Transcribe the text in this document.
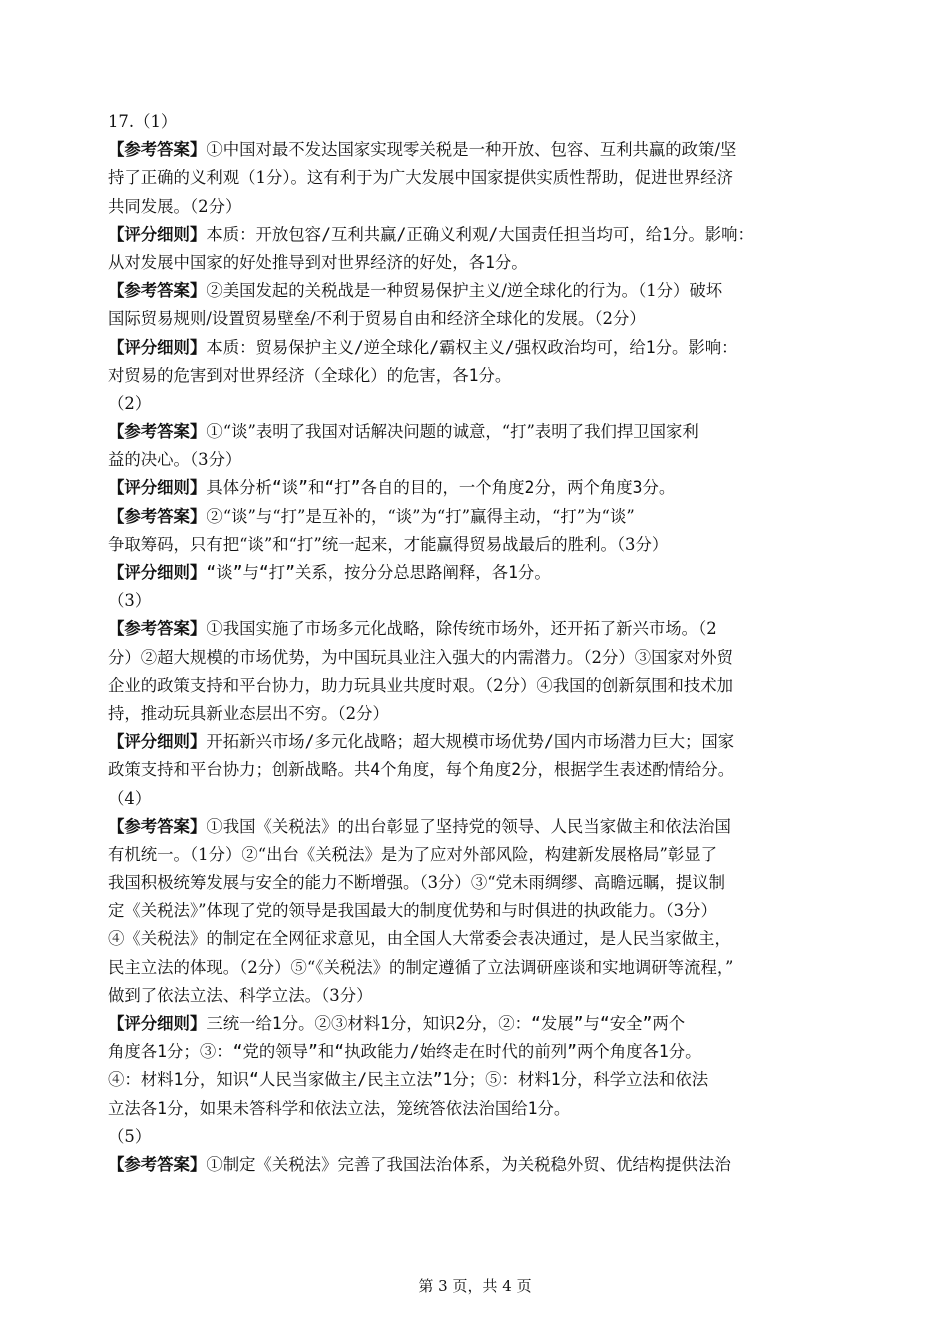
17.（1）
【参考答案】①中国对最不发达国家实现零关税是一种开放、包容、互利共赢的政策/坚
持了正确的义利观（1分）。这有利于为广大发展中国家提供实质性帮助，促进世界经济
共同发展。（2分）
【评分细则】本质：开放包容/互利共赢/正确义利观/大国责任担当均可，给1分。影响：
从对发展中国家的好处推导到对世界经济的好处，各1分。
【参考答案】②美国发起的关税战是一种贸易保护主义/逆全球化的行为。（1分）破坏
国际贸易规则/设置贸易壁垒/不利于贸易自由和经济全球化的发展。（2分）
【评分细则】本质：贸易保护主义/逆全球化/霸权主义/强权政治均可，给1分。影响：
对贸易的危害到对世界经济（全球化）的危害，各1分。
（2）
【参考答案】①“谈”表明了我国对话解决问题的诚意，“打”表明了我们捍卫国家利
益的决心。（3分）
【评分细则】具体分析“谈”和“打”各自的目的，一个角度2分，两个角度3分。
【参考答案】②“谈”与“打”是互补的，“谈”为“打”赢得主动，“打”为“谈”
争取筹码，只有把“谈”和“打”统一起来，才能赢得贸易战最后的胜利。（3分）
【评分细则】“谈”与“打”关系，按分分总思路阐释，各1分。
（3）
【参考答案】①我国实施了市场多元化战略，除传统市场外，还开拓了新兴市场。（2
分）②超大规模的市场优势，为中国玩具业注入强大的内需潜力。（2分）③国家对外贸
企业的政策支持和平台协力，助力玩具业共度时艰。（2分）④我国的创新氛围和技术加
持，推动玩具新业态层出不穷。（2分）
【评分细则】开拓新兴市场/多元化战略；超大规模市场优势/国内市场潜力巨大；国家
政策支持和平台协力；创新战略。共4个角度，每个角度2分，根据学生表述酌情给分。
（4）
【参考答案】①我国《关税法》的出台彰显了坚持党的领导、人民当家做主和依法治国
有机统一。（1分）②“出台《关税法》是为了应对外部风险，构建新发展格局”彰显了
我国积极统筹发展与安全的能力不断增强。（3分）③“党未雨绸缪、高瞻远瞩，提议制
定《关税法》”体现了党的领导是我国最大的制度优势和与时俱进的执政能力。（3分）
④《关税法》的制定在全网征求意见，由全国人大常委会表决通过，是人民当家做主，
民主立法的体现。（2分）⑤“《关税法》的制定遵循了立法调研座谈和实地调研等流程，”
做到了依法立法、科学立法。（3分）
【评分细则】三统一给1分。②③材料1分，知识2分，②：“发展”与“安全”两个
角度各1分；③：“党的领导”和“执政能力/始终走在时代的前列”两个角度各1分。
④：材料1分，知识“人民当家做主/民主立法”1分；⑤：材料1分，科学立法和依法
立法各1分，如果未答科学和依法立法，笼统答依法治国给1分。
（5）
【参考答案】①制定《关税法》完善了我国法治体系，为关税稳外贸、优结构提供法治
第 3 页，共 4 页
